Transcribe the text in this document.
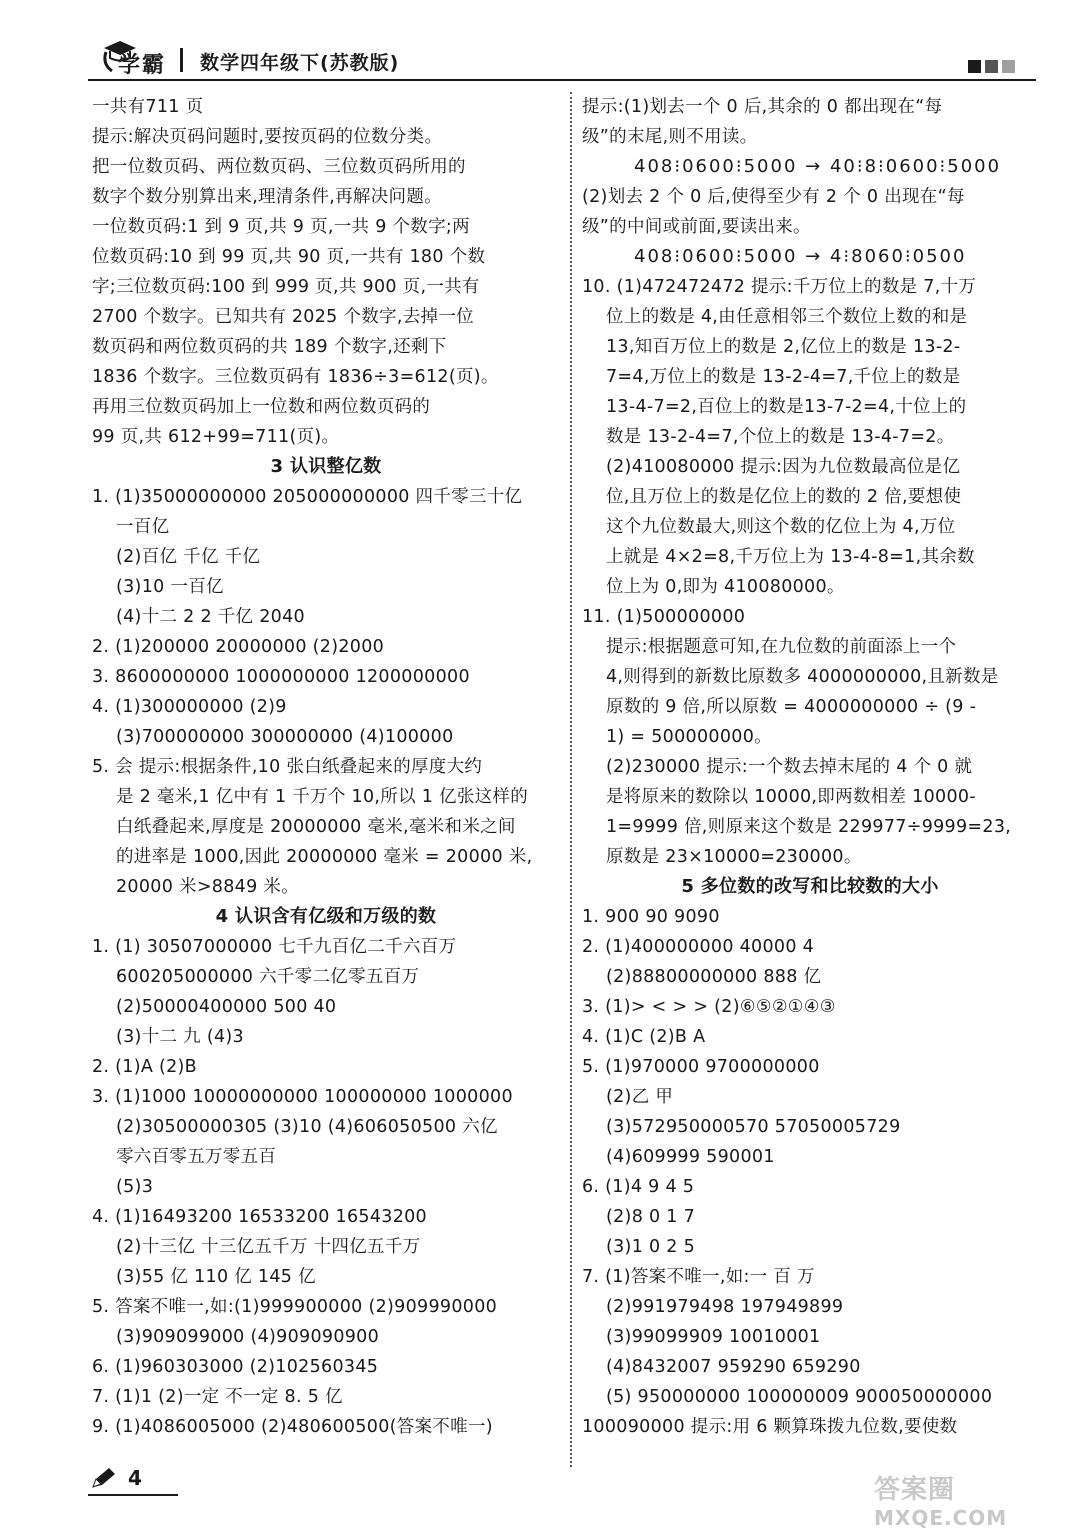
学霸 数学四年级下(苏教版)
一共有711 页
提示:解决页码问题时,要按页码的位数分类。
把一位数页码、两位数页码、三位数页码所用的
数字个数分别算出来,理清条件,再解决问题。
一位数页码:1 到 9 页,共 9 页,一共 9 个数字;两
位数页码:10 到 99 页,共 90 页,一共有 180 个数
字;三位数页码:100 到 999 页,共 900 页,一共有
2700 个数字。已知共有 2025 个数字,去掉一位
数页码和两位数页码的共 189 个数字,还剩下
1836 个数字。三位数页码有 1836÷3=612(页)。
再用三位数页码加上一位数和两位数页码的
99 页,共 612+99=711(页)。
3 认识整亿数
1. (1)35000000000 205000000000 四千零三十亿
一百亿
(2)百亿 千亿 千亿
(3)10 一百亿
(4)十二 2 2 千亿 2040
2. (1)200000 20000000 (2)2000
3. 8600000000 1000000000 1200000000
4. (1)300000000 (2)9
(3)700000000 300000000 (4)100000
5. 会 提示:根据条件,10 张白纸叠起来的厚度大约
是 2 毫米,1 亿中有 1 千万个 10,所以 1 亿张这样的
白纸叠起来,厚度是 20000000 毫米,毫米和米之间
的进率是 1000,因此 20000000 毫米 = 20000 米,
20000 米>8849 米。
4 认识含有亿级和万级的数
1. (1) 30507000000 七千九百亿二千六百万
600205000000 六千零二亿零五百万
(2)50000400000 500 40
(3)十二 九 (4)3
2. (1)A (2)B
3. (1)1000 10000000000 100000000 1000000
(2)30500000305 (3)10 (4)606050500 六亿
零六百零五万零五百
(5)3
4. (1)16493200 16533200 16543200
(2)十三亿 十三亿五千万 十四亿五千万
(3)55 亿 110 亿 145 亿
5. 答案不唯一,如:(1)999900000 (2)909990000
(3)909099000 (4)909090900
6. (1)960303000 (2)102560345
7. (1)1 (2)一定 不一定 8. 5 亿
9. (1)4086005000 (2)480600500(答案不唯一)
提示:(1)划去一个 0 后,其余的 0 都出现在“每
级”的末尾,则不用读。
408⁝0600⁝5000 → 40⁝8⁝0600⁝5000
(2)划去 2 个 0 后,使得至少有 2 个 0 出现在“每
级”的中间或前面,要读出来。
408⁝0600⁝5000 → 4⁝8060⁝0500
10. (1)472472472 提示:千万位上的数是 7,十万
位上的数是 4,由任意相邻三个数位上数的和是
13,知百万位上的数是 2,亿位上的数是 13-2-
7=4,万位上的数是 13-2-4=7,千位上的数是
13-4-7=2,百位上的数是13-7-2=4,十位上的
数是 13-2-4=7,个位上的数是 13-4-7=2。
(2)410080000 提示:因为九位数最高位是亿
位,且万位上的数是亿位上的数的 2 倍,要想使
这个九位数最大,则这个数的亿位上为 4,万位
上就是 4×2=8,千万位上为 13-4-8=1,其余数
位上为 0,即为 410080000。
11. (1)500000000
提示:根据题意可知,在九位数的前面添上一个
4,则得到的新数比原数多 4000000000,且新数是
原数的 9 倍,所以原数 = 4000000000 ÷ (9 -
1) = 500000000。
(2)230000 提示:一个数去掉末尾的 4 个 0 就
是将原来的数除以 10000,即两数相差 10000-
1=9999 倍,则原来这个数是 229977÷9999=23,
原数是 23×10000=230000。
5 多位数的改写和比较数的大小
1. 900 90 9090
2. (1)400000000 40000 4
(2)88800000000 888 亿
3. (1)> < > > (2)⑥⑤②①④③
4. (1)C (2)B A
5. (1)970000 9700000000
(2)乙 甲
(3)572950000570 57050005729
(4)609999 590001
6. (1)4 9 4 5
(2)8 0 1 7
(3)1 0 2 5
7. (1)答案不唯一,如:一 百 万
(2)991979498 197949899
(3)99099909 10010001
(4)8432007 959290 659290
(5) 950000000 100000009 900050000000
100090000 提示:用 6 颗算珠拨九位数,要使数
4	答案圈
MXQE.COM
